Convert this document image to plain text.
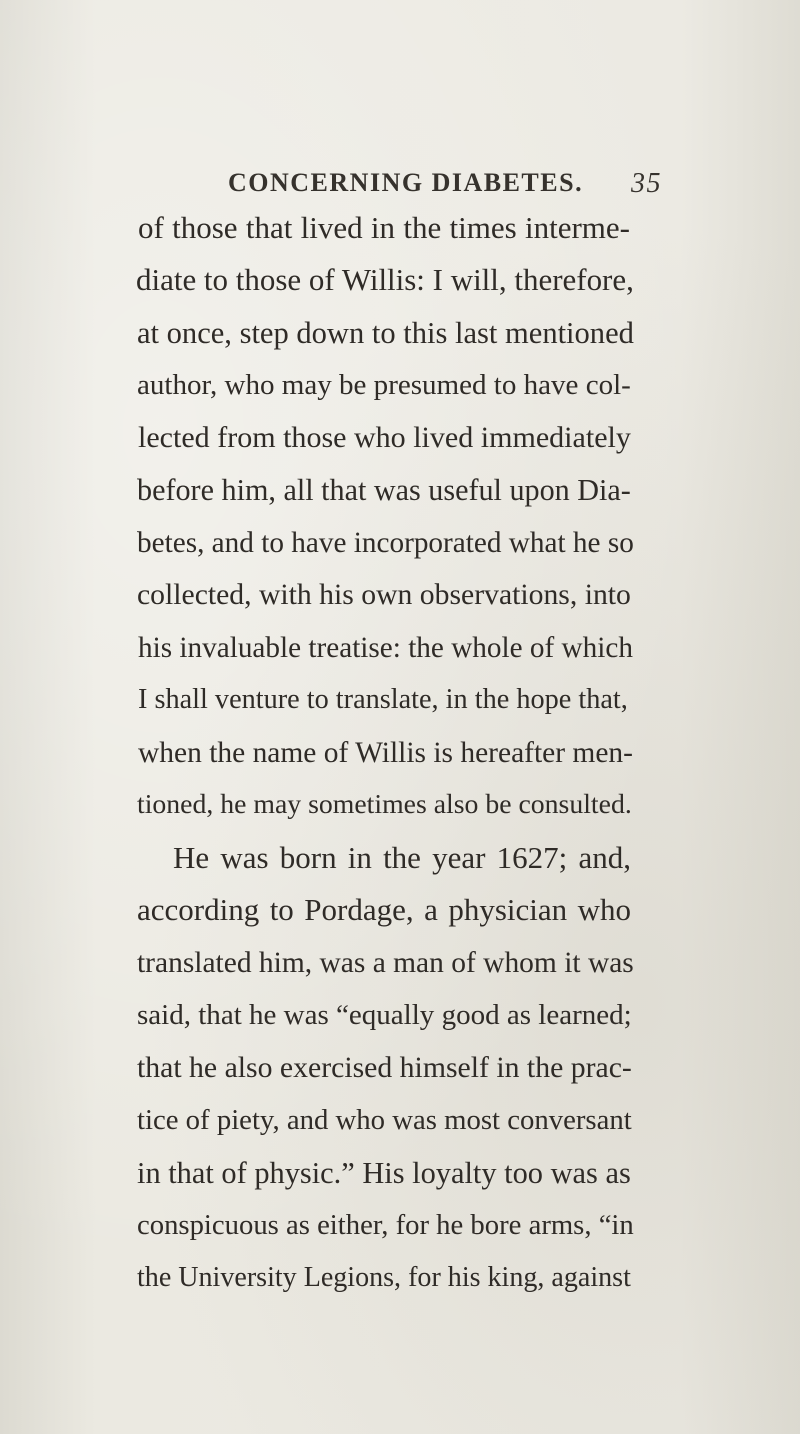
CONCERNING DIABETES. 35
of those that lived in the times interme-
diate to those of Willis: I will, therefore,
at once, step down to this last mentioned
author, who may be presumed to have col-
lected from those who lived immediately
before him, all that was useful upon Dia-
betes, and to have incorporated what he so
collected, with his own observations, into
his invaluable treatise: the whole of which
I shall venture to translate, in the hope that,
when the name of Willis is hereafter men-
tioned, he may sometimes also be consulted.
He was born in the year 1627; and,
according to Pordage, a physician who
translated him, was a man of whom it was
said, that he was “equally good as learned;
that he also exercised himself in the prac-
tice of piety, and who was most conversant
in that of physic.” His loyalty too was as
conspicuous as either, for he bore arms, “in
the University Legions, for his king, against
